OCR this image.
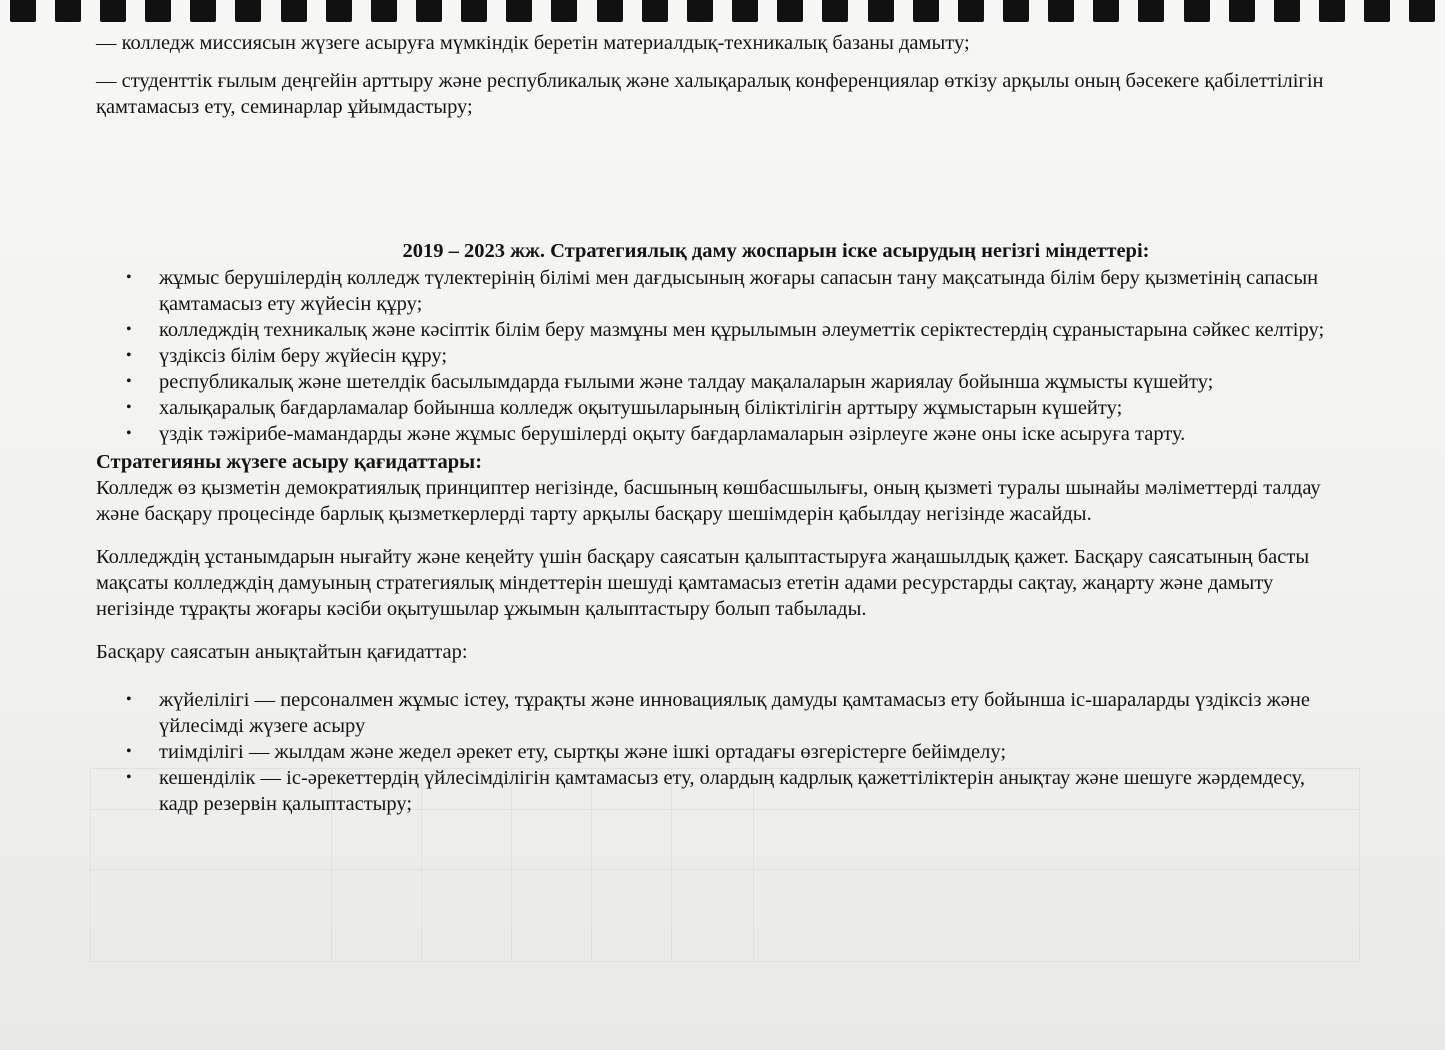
— колледж миссиясын жүзеге асыруға мүмкіндік беретін материалдық-техникалық базаны дамыту;

— студенттік ғылым деңгейін арттыру және республикалық және халықаралық конференциялар өткізу арқылы оның бәсекеге қабілеттілігін қамтамасыз ету, семинарлар ұйымдастыру;

2019 – 2023 жж. Стратегиялық даму жоспарын іске асырудың негізгі міндеттері:

• жұмыс берушілердің колледж түлектерінің білімі мен дағдысының жоғары сапасын тану мақсатында білім беру қызметінің сапасын қамтамасыз ету жүйесін құру;
• колледждің техникалық және кәсіптік білім беру мазмұны мен құрылымын әлеуметтік серіктестердің сұраныстарына сәйкес келтіру;
• үздіксіз білім беру жүйесін құру;
• республикалық және шетелдік басылымдарда ғылыми және талдау мақалаларын жариялау бойынша жұмысты күшейту;
• халықаралық бағдарламалар бойынша колледж оқытушыларының біліктілігін арттыру жұмыстарын күшейту;
• үздік тәжірибе-мамандарды және жұмыс берушілерді оқыту бағдарламаларын әзірлеуге және оны іске асыруға тарту.

Стратегияны жүзеге асыру қағидаттары:

Колледж өз қызметін демократиялық принциптер негізінде, басшының көшбасшылығы, оның қызметі туралы шынайы мәліметтерді талдау және басқару процесінде барлық қызметкерлерді тарту арқылы басқару шешімдерін қабылдау негізінде жасайды.

Колледждің ұстанымдарын нығайту және кеңейту үшін басқару саясатын қалыптастыруға жаңашылдық қажет. Басқару саясатының басты мақсаты колледждің дамуының стратегиялық міндеттерін шешуді қамтамасыз ететін адами ресурстарды сақтау, жаңарту және дамыту негізінде тұрақты жоғары кәсіби оқытушылар ұжымын қалыптастыру болып табылады.

Басқару саясатын анықтайтын қағидаттар:

• жүйелілігі — персоналмен жұмыс істеу, тұрақты және инновациялық дамуды қамтамасыз ету бойынша іс-шараларды үздіксіз және үйлесімді жүзеге асыру
• тиімділігі — жылдам және жедел әрекет ету, сыртқы және ішкі ортадағы өзгерістерге бейімделу;
• кешенділік — іс-әрекеттердің үйлесімділігін қамтамасыз ету, олардың кадрлық қажеттіліктерін анықтау және шешуге жәрдемдесу, кадр резервін қалыптастыру;
